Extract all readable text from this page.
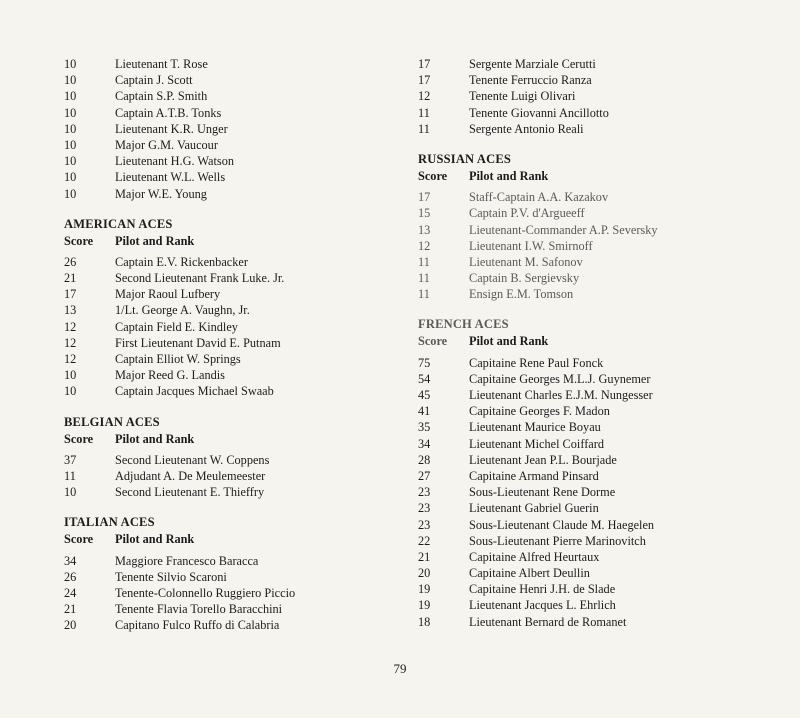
10	Lieutenant T. Rose
10	Captain J. Scott
10	Captain S.P. Smith
10	Captain A.T.B. Tonks
10	Lieutenant K.R. Unger
10	Major G.M. Vaucour
10	Lieutenant H.G. Watson
10	Lieutenant W.L. Wells
10	Major W.E. Young
AMERICAN ACES
Score	Pilot and Rank
26	Captain E.V. Rickenbacker
21	Second Lieutenant Frank Luke. Jr.
17	Major Raoul Lufbery
13	1/Lt. George A. Vaughn, Jr.
12	Captain Field E. Kindley
12	First Lieutenant David E. Putnam
12	Captain Elliot W. Springs
10	Major Reed G. Landis
10	Captain Jacques Michael Swaab
BELGIAN ACES
Score	Pilot and Rank
37	Second Lieutenant W. Coppens
11	Adjudant A. De Meulemeester
10	Second Lieutenant E. Thieffry
ITALIAN ACES
Score	Pilot and Rank
34	Maggiore Francesco Baracca
26	Tenente Silvio Scaroni
24	Tenente-Colonnello Ruggiero Piccio
21	Tenente Flavia Torello Baracchini
20	Capitano Fulco Ruffo di Calabria
17	Sergente Marziale Cerutti
17	Tenente Ferruccio Ranza
12	Tenente Luigi Olivari
11	Tenente Giovanni Ancillotto
11	Sergente Antonio Reali
RUSSIAN ACES
Score	Pilot and Rank
17	Staff-Captain A.A. Kazakov
15	Captain P.V. d'Argueeff
13	Lieutenant-Commander A.P. Seversky
12	Lieutenant I.W. Smirnoff
11	Lieutenant M. Safonov
11	Captain B. Sergievsky
11	Ensign E.M. Tomson
FRENCH ACES
Score	Pilot and Rank
75	Capitaine Rene Paul Fonck
54	Capitaine Georges M.L.J. Guynemer
45	Lieutenant Charles E.J.M. Nungesser
41	Capitaine Georges F. Madon
35	Lieutenant Maurice Boyau
34	Lieutenant Michel Coiffard
28	Lieutenant Jean P.L. Bourjade
27	Capitaine Armand Pinsard
23	Sous-Lieutenant Rene Dorme
23	Lieutenant Gabriel Guerin
23	Sous-Lieutenant Claude M. Haegelen
22	Sous-Lieutenant Pierre Marinovitch
21	Capitaine Alfred Heurtaux
20	Capitaine Albert Deullin
19	Capitaine Henri J.H. de Slade
19	Lieutenant Jacques L. Ehrlich
18	Lieutenant Bernard de Romanet
79
